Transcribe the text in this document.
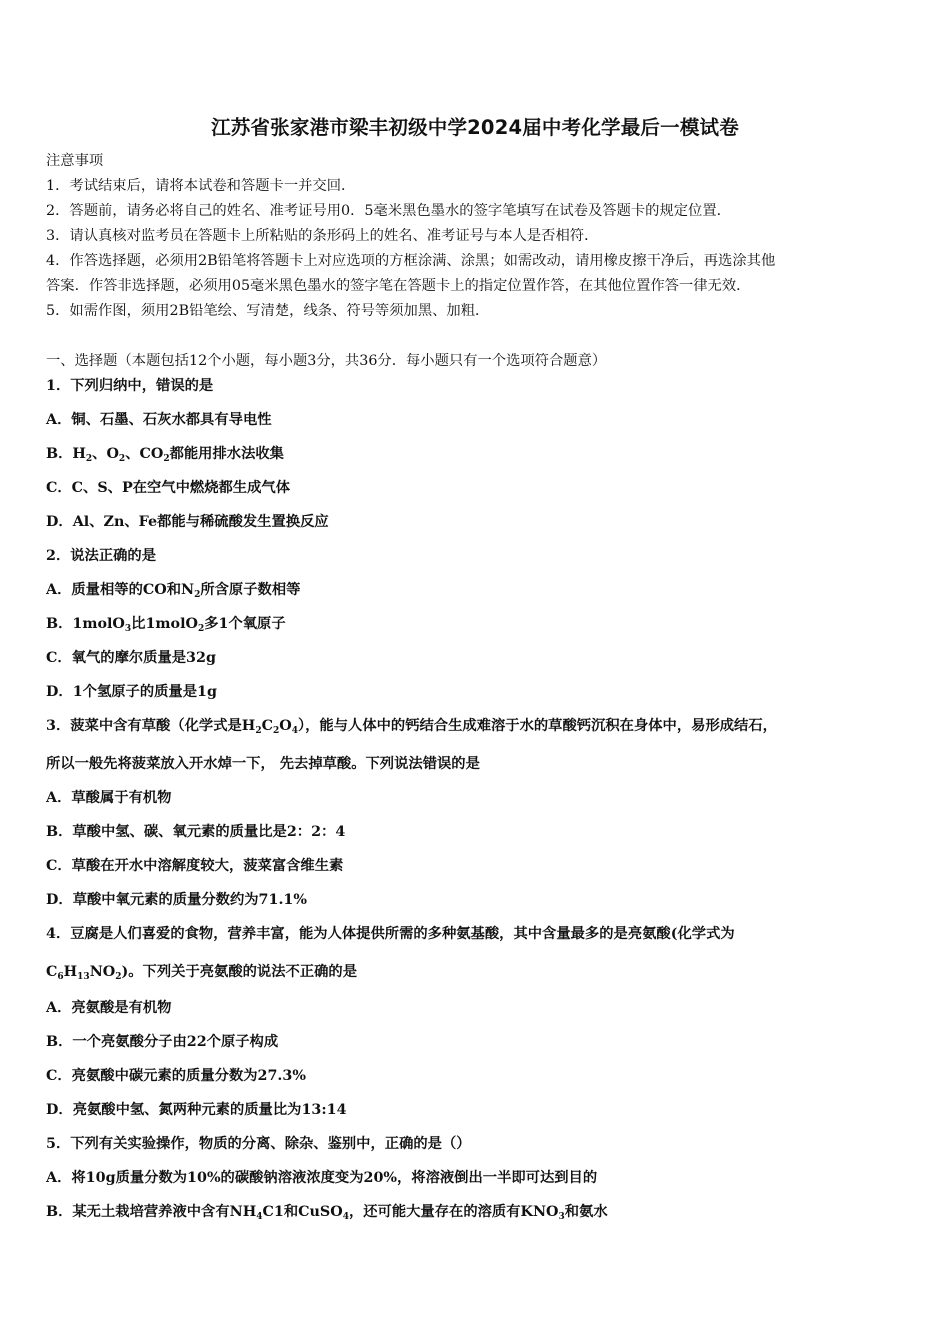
江苏省张家港市梁丰初级中学2024届中考化学最后一模试卷
注意事项
1．考试结束后，请将本试卷和答题卡一并交回．
2．答题前，请务必将自己的姓名、准考证号用0．5毫米黑色墨水的签字笔填写在试卷及答题卡的规定位置．
3．请认真核对监考员在答题卡上所粘贴的条形码上的姓名、准考证号与本人是否相符．
4．作答选择题，必须用2B铅笔将答题卡上对应选项的方框涂满、涂黑；如需改动，请用橡皮擦干净后，再选涂其他
答案．作答非选择题，必须用05毫米黑色墨水的签字笔在答题卡上的指定位置作答，在其他位置作答一律无效．
5．如需作图，须用2B铅笔绘、写清楚，线条、符号等须加黑、加粗．
一、选择题（本题包括12个小题，每小题3分，共36分．每小题只有一个选项符合题意）
1．下列归纳中，错误的是
A．铜、石墨、石灰水都具有导电性
B．$H_2$、$O_2$、$CO_2$都能用排水法收集
C．C、S、P在空气中燃烧都生成气体
D．Al、Zn、Fe都能与稀硫酸发生置换反应
2．说法正确的是
A．质量相等的CO和$N_2$所含原子数相等
B．1molO$_3$比1molO$_2$多1个氧原子
C．氧气的摩尔质量是32g
D．1个氢原子的质量是1g
3．菠菜中含有草酸（化学式是$H_2C_2O_4$），能与人体中的钙结合生成难溶于水的草酸钙沉积在身体中，易形成结石，
所以一般先将菠菜放入开水焯一下， 先去掉草酸。下列说法错误的是
A．草酸属于有机物
B．草酸中氢、碳、氧元素的质量比是2：2：4
C．草酸在开水中溶解度较大，菠菜富含维生素
D．草酸中氧元素的质量分数约为71.1%
4．豆腐是人们喜爱的食物，营养丰富，能为人体提供所需的多种氨基酸，其中含量最多的是亮氨酸(化学式为
$C_6H_{13}NO_2$)。下列关于亮氨酸的说法不正确的是
A．亮氨酸是有机物
B．一个亮氨酸分子由22个原子构成
C．亮氨酸中碳元素的质量分数为27.3%
D．亮氨酸中氢、氮两种元素的质量比为13:14
5．下列有关实验操作，物质的分离、除杂、鉴别中，正确的是（）
A．将10g质量分数为10%的碳酸钠溶液浓度变为20%，将溶液倒出一半即可达到目的
B．某无土栽培营养液中含有$NH_4C1$和CuSO$_4$，还可能大量存在的溶质有$KNO_3$和氨水
